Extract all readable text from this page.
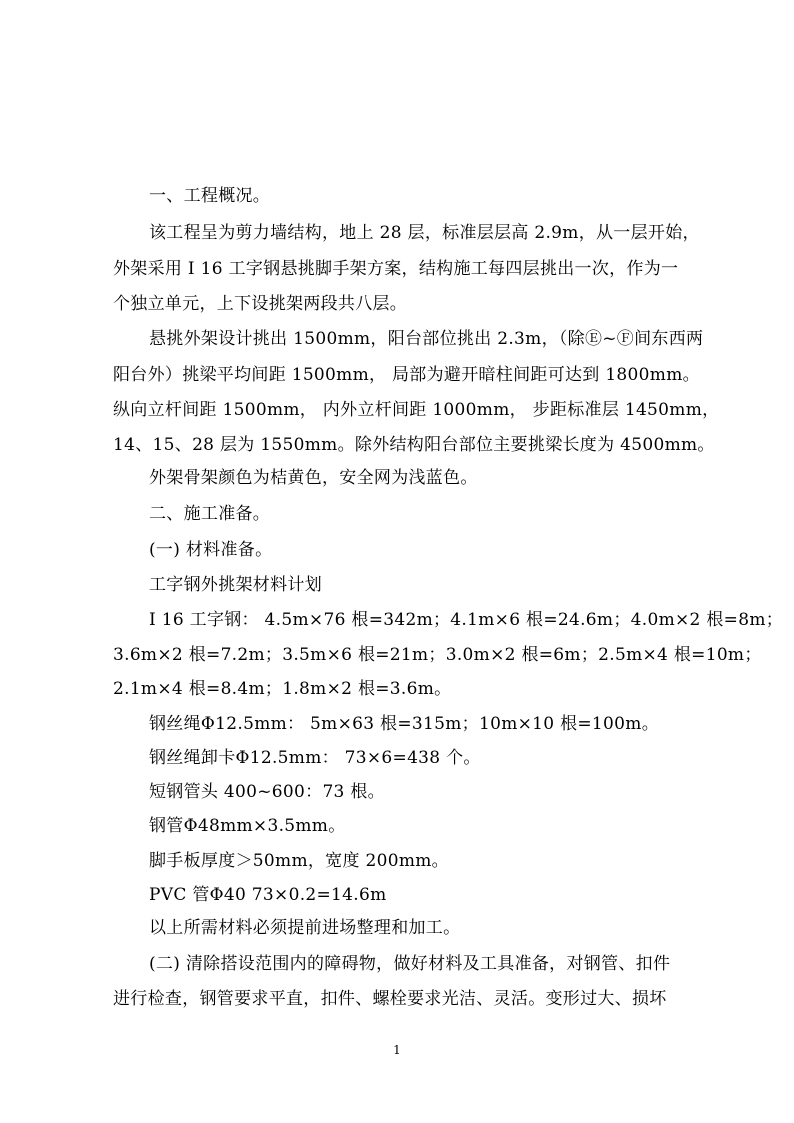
一、工程概况。
该工程呈为剪力墙结构，地上 28 层，标准层层高 2.9m，从一层开始，
外架采用 I 16 工字钢悬挑脚手架方案，结构施工每四层挑出一次，作为一
个独立单元，上下设挑架两段共八层。
悬挑外架设计挑出 1500mm，阳台部位挑出 2.3m，（除Ⓔ~Ⓕ间东西两
阳台外）挑梁平均间距 1500mm， 局部为避开暗柱间距可达到 1800mm。
纵向立杆间距 1500mm， 内外立杆间距 1000mm， 步距标准层 1450mm，
14、15、28 层为 1550mm。除外结构阳台部位主要挑梁长度为 4500mm。
外架骨架颜色为桔黄色，安全网为浅蓝色。
二、施工准备。
(一) 材料准备。
工字钢外挑架材料计划
I 16 工字钢： 4.5m×76 根=342m；4.1m×6 根=24.6m；4.0m×2 根=8m；
3.6m×2 根=7.2m；3.5m×6 根=21m；3.0m×2 根=6m；2.5m×4 根=10m；
2.1m×4 根=8.4m；1.8m×2 根=3.6m。
钢丝绳Φ12.5mm： 5m×63 根=315m；10m×10 根=100m。
钢丝绳卸卡Φ12.5mm： 73×6=438 个。
短钢管头 400~600：73 根。
钢管Φ48mm×3.5mm。
脚手板厚度＞50mm，宽度 200mm。
PVC 管Φ40 73×0.2=14.6m
以上所需材料必须提前进场整理和加工。
(二) 清除搭设范围内的障碍物，做好材料及工具准备，对钢管、扣件
进行检查，钢管要求平直，扣件、螺栓要求光洁、灵活。变形过大、损坏
1
